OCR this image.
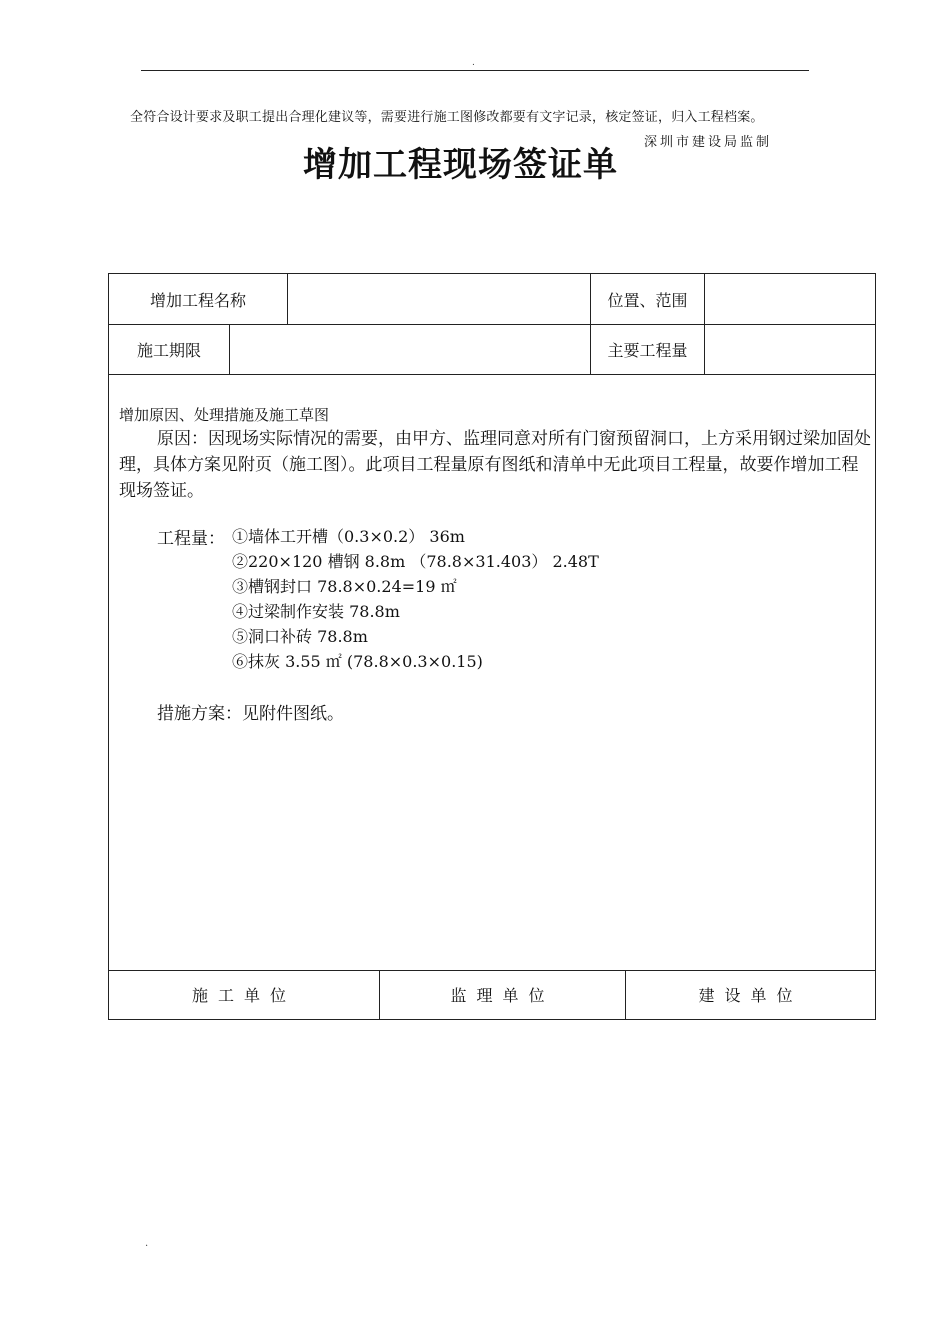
.
全符合设计要求及职工提出合理化建议等，需要进行施工图修改都要有文字记录，核定签证，归入工程档案。
深圳市建设局监制
增加工程现场签证单
增加工程名称	位置、范围
施工期限	主要工程量
增加原因、处理措施及施工草图

原因：因现场实际情况的需要，由甲方、监理同意对所有门窗预留洞口，上方采用钢过梁加固处理，具体方案见附页（施工图）。此项目工程量原有图纸和清单中无此项目工程量，故要作增加工程现场签证。

工程量： ①墙体工开槽（0.3×0.2） 36m
②220×120 槽钢 8.8m （78.8×31.403） 2.48T
③槽钢封口 78.8×0.24=19 ㎡
④过梁制作安装 78.8m
⑤洞口补砖 78.8m
⑥抹灰 3.55 ㎡ (78.8×0.3×0.15)
措施方案：见附件图纸。
施工单位	监理单位	建设单位
.
